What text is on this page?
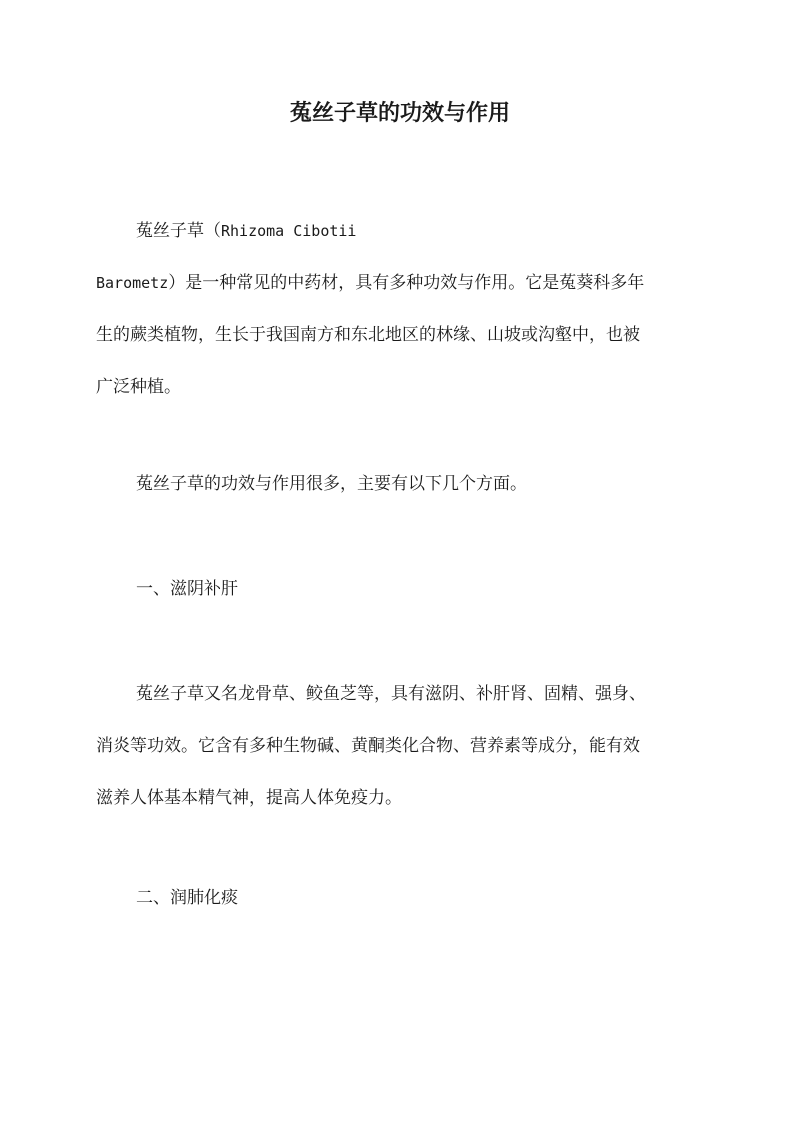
菟丝子草的功效与作用
菟丝子草（Rhizoma Cibotii
Barometz）是一种常见的中药材，具有多种功效与作用。它是菟葵科多年
生的蕨类植物，生长于我国南方和东北地区的林缘、山坡或沟壑中，也被
广泛种植。
菟丝子草的功效与作用很多，主要有以下几个方面。
一、滋阴补肝
菟丝子草又名龙骨草、鲛鱼芝等，具有滋阴、补肝肾、固精、强身、
消炎等功效。它含有多种生物碱、黄酮类化合物、营养素等成分，能有效
滋养人体基本精气神，提高人体免疫力。
二、润肺化痰
